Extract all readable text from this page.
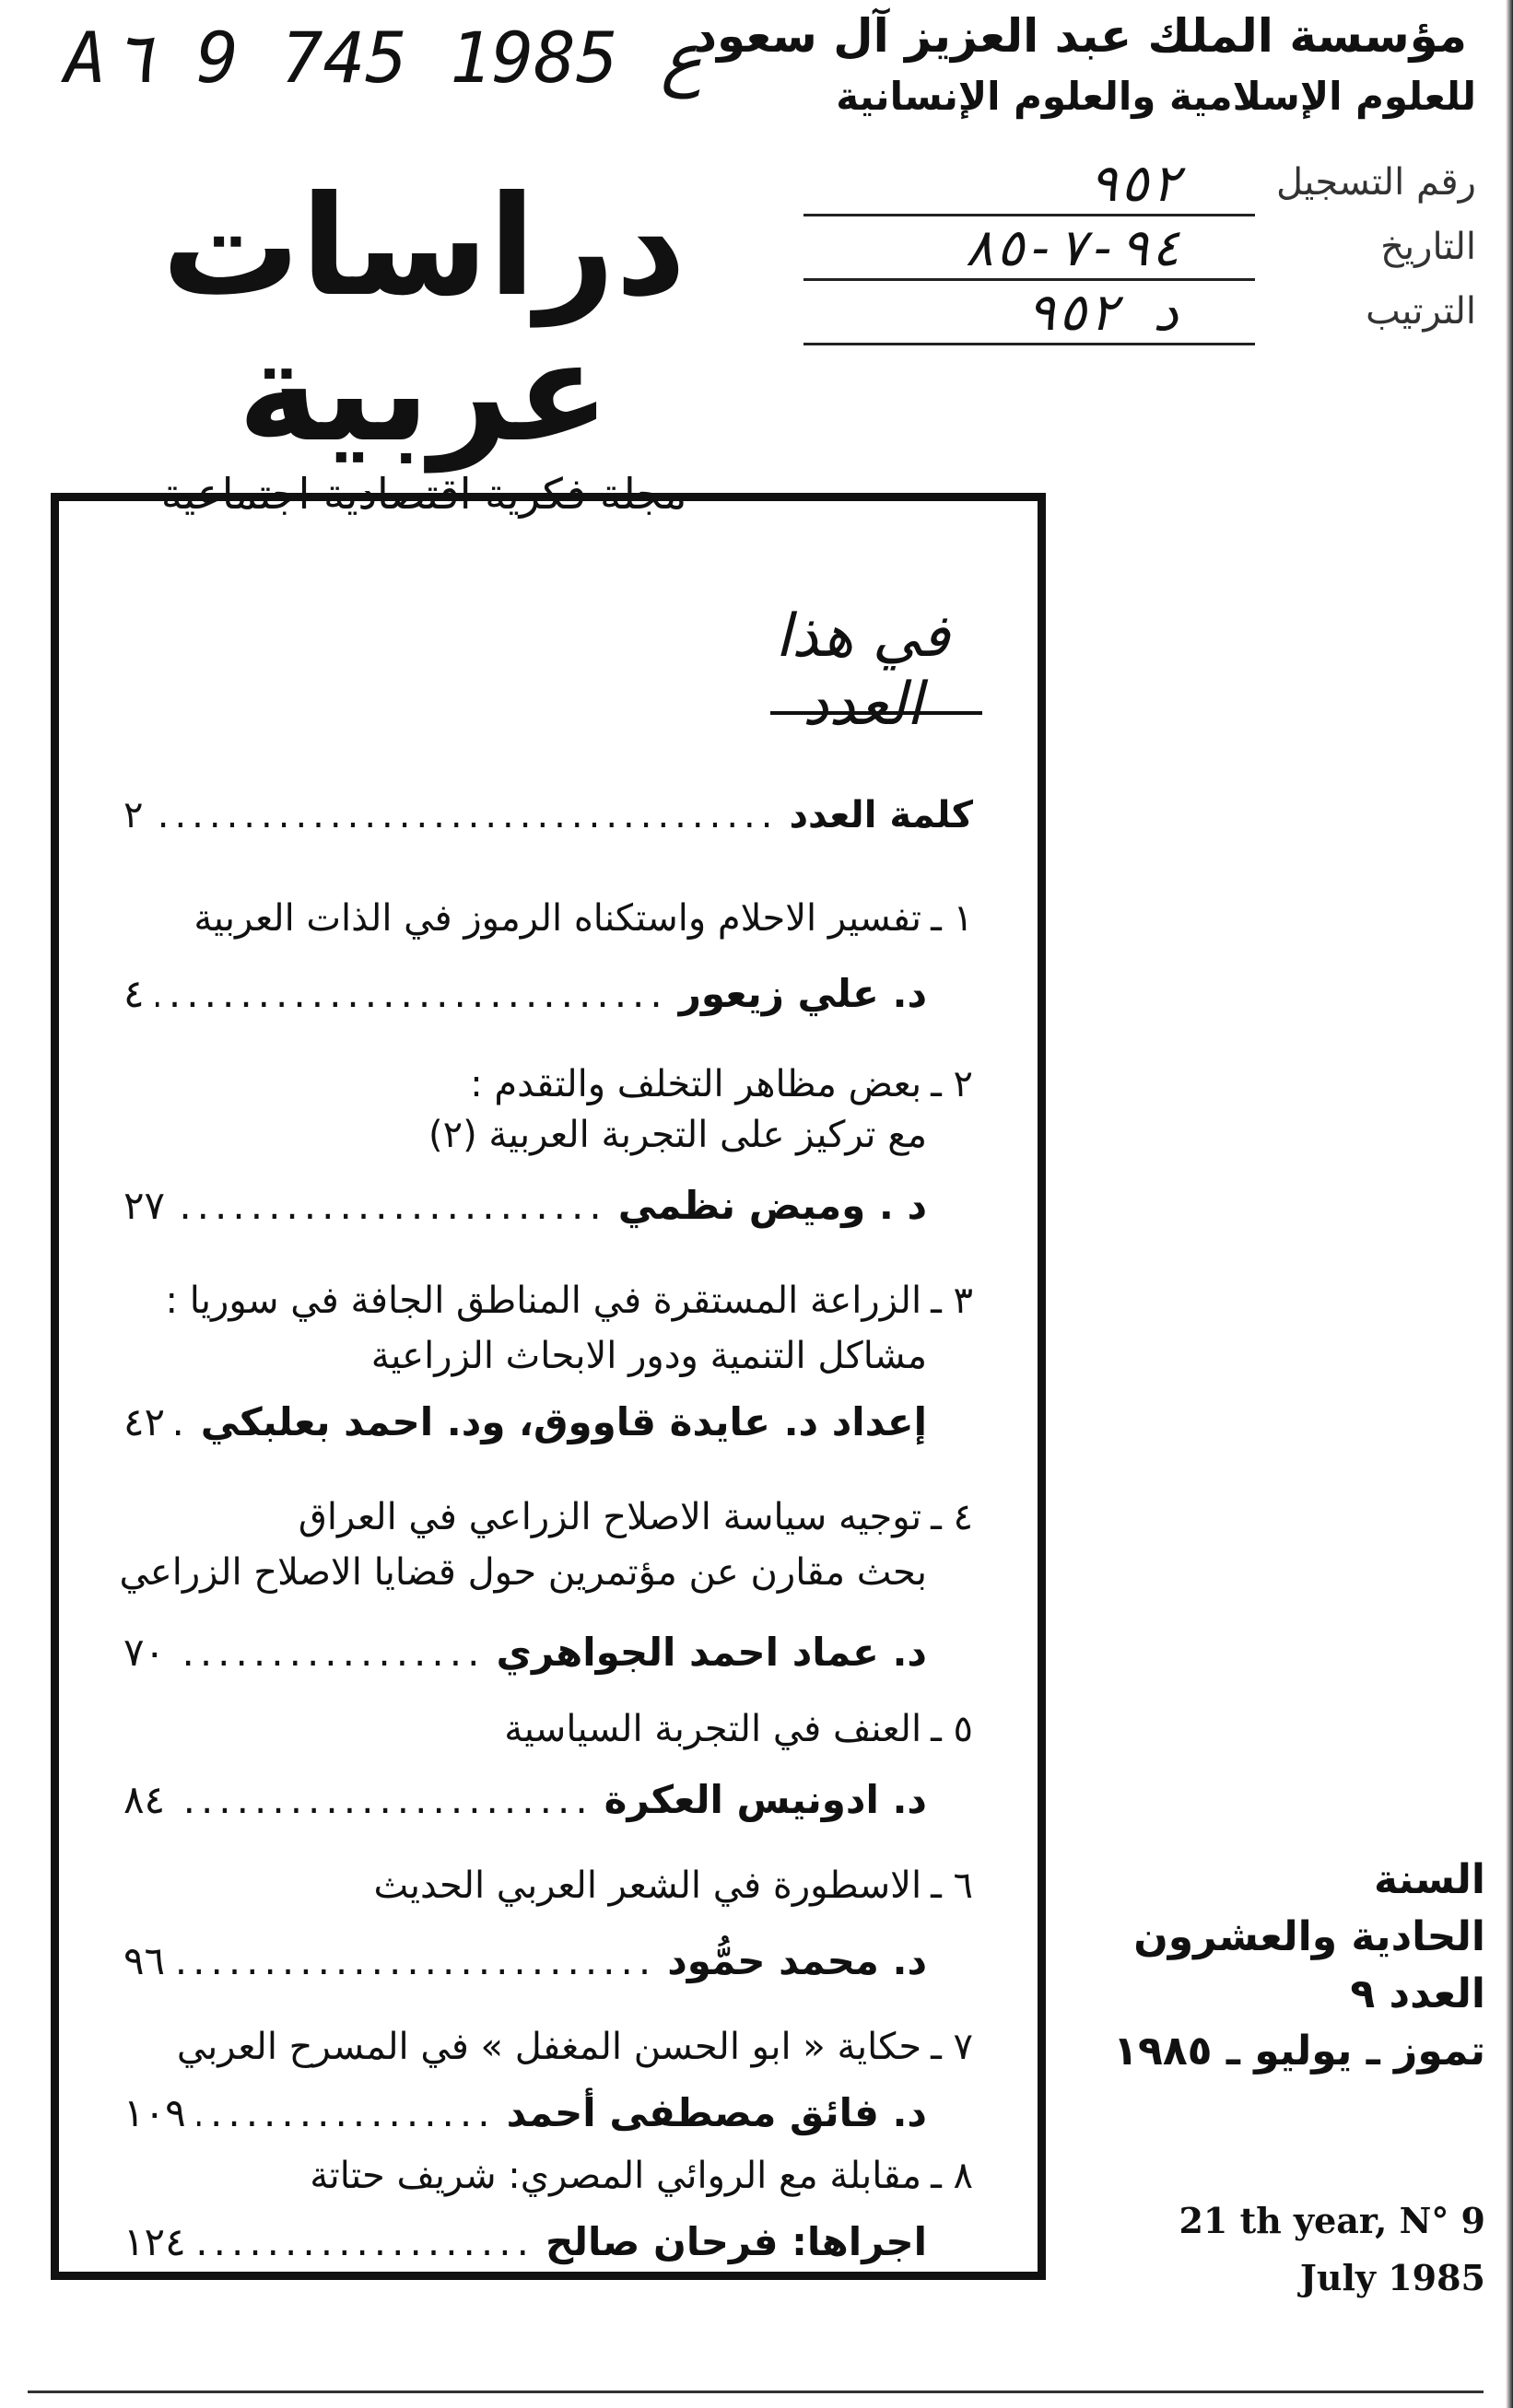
A٦ 9 ع 1985 745
مؤسسة الملك عبد العزيز آل سعود
للعلوم الإسلامية والعلوم الإنسانية
رقم التسجيل
٩٥٢
التاريخ
٩٤-٧-٨٥
الترتيب
د ٩٥٢
دراسات عربية
مجلة فكرية اقتصادية اجتماعية
في هذا العدد
كلمة العدد
.....
٢
١ ـ
تفسير الاحلام واستكناه الرموز في الذات العربية
د. علي زيعور
.....
٤
٢ ـ
بعض مظاهر التخلف والتقدم :
مع تركيز على التجربة العربية (٢)
د . وميض نظمي
.....
٢٧
٣ ـ
الزراعة المستقرة في المناطق الجافة في سوريا :
مشاكل التنمية ودور الابحاث الزراعية
إعداد د. عايدة قاووق، ود. احمد بعلبكي
.....
٤٢
٤ ـ
توجيه سياسة الاصلاح الزراعي في العراق
بحث مقارن عن مؤتمرين حول قضايا الاصلاح الزراعي
د. عماد احمد الجواهري
.....
٧٠
٥ ـ
العنف في التجربة السياسية
د. ادونيس العكرة
.....
٨٤
٦ ـ
الاسطورة في الشعر العربي الحديث
د. محمد حمُّود
.....
٩٦
٧ ـ
حكاية « ابو الحسن المغفل » في المسرح العربي
د. فائق مصطفى أحمد
.....
١٠٩
٨ ـ
مقابلة مع الروائي المصري: شريف حتاتة
اجراها: فرحان صالح
.....
١٢٤
السنة
الحادية والعشرون
العدد ٩
تموز ـ يوليو ـ ١٩٨٥
21 th year, N° 9
July 1985
